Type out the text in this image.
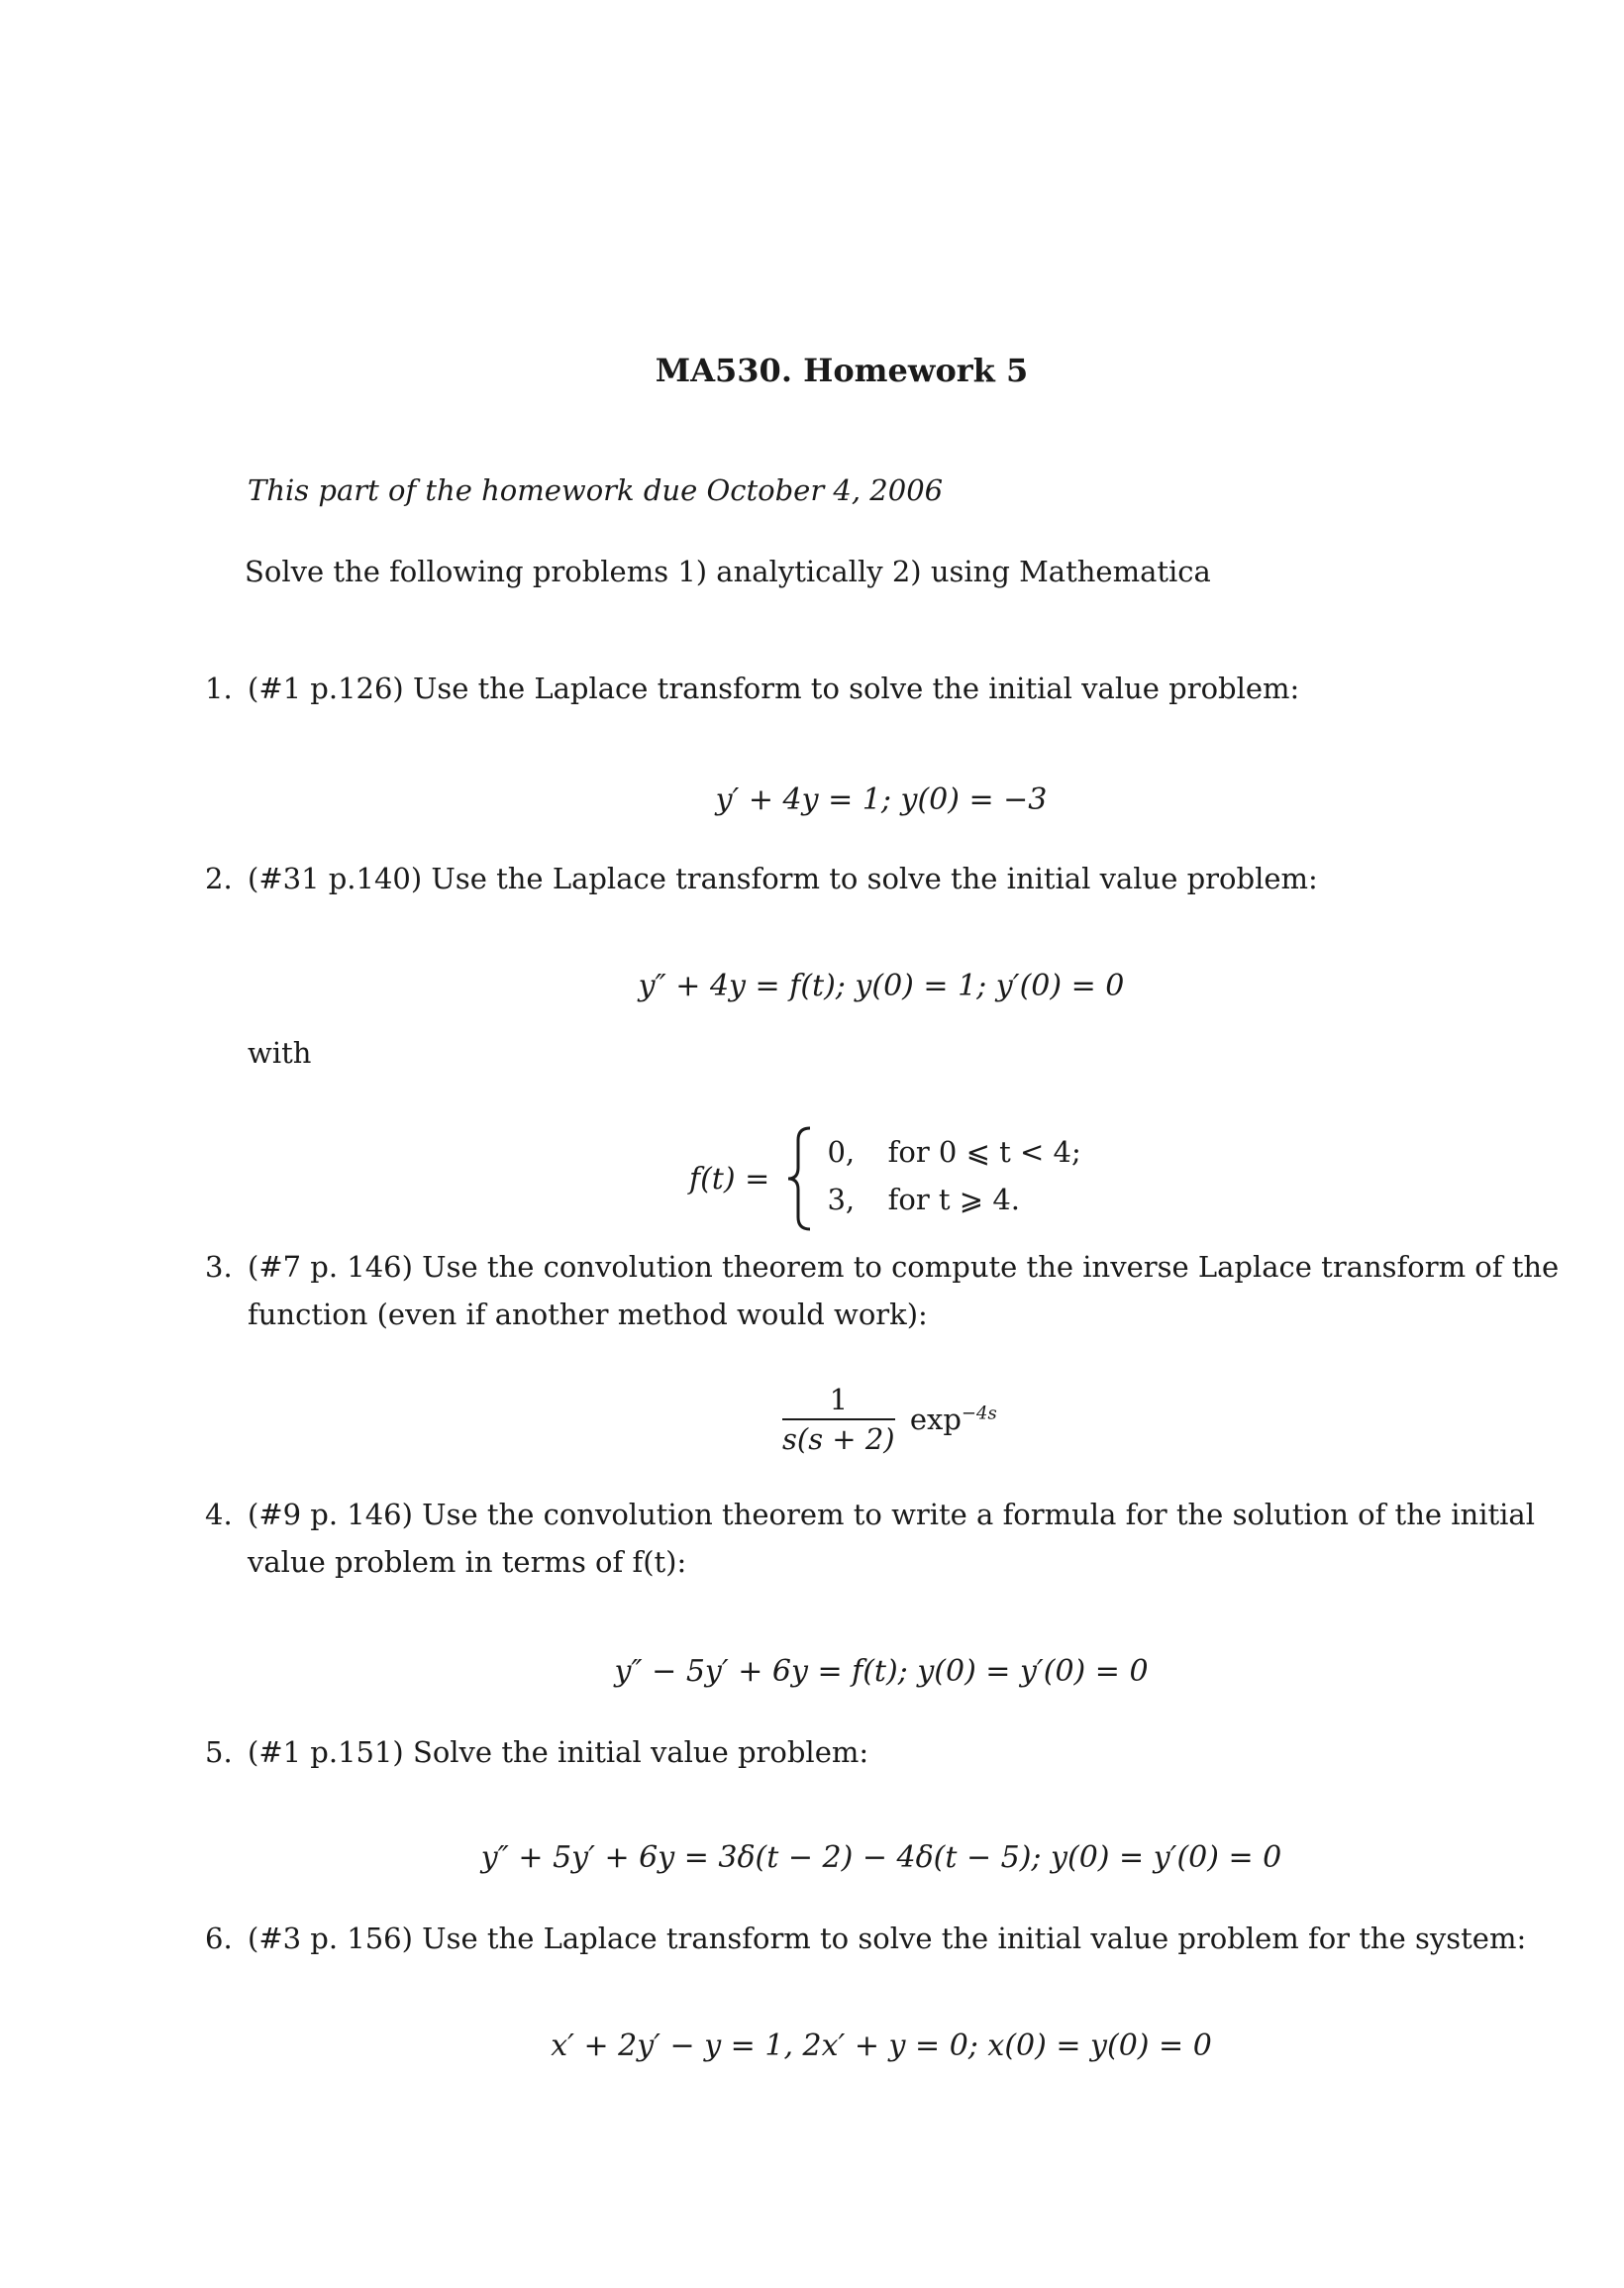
MA530. Homework 5
This part of the homework due October 4, 2006
Solve the following problems 1) analytically 2) using Mathematica
1. (#1 p.126) Use the Laplace transform to solve the initial value problem:
y′ + 4y = 1; y(0) = −3
2. (#31 p.140) Use the Laplace transform to solve the initial value problem:
y″ + 4y = f(t); y(0) = 1; y′(0) = 0
with
f(t) =
0, for 0 ⩽ t < 4;
3, for t ⩾ 4.
3. (#7 p. 146) Use the convolution theorem to compute the inverse Laplace transform of the
function (even if another method would work):
$\frac{1}{s(s + 2)} \exp^{-4s}$
4. (#9 p. 146) Use the convolution theorem to write a formula for the solution of the initial
value problem in terms of f(t):
y″ − 5y′ + 6y = f(t); y(0) = y′(0) = 0
5. (#1 p.151) Solve the initial value problem:
y″ + 5y′ + 6y = 3δ(t − 2) − 4δ(t − 5); y(0) = y′(0) = 0
6. (#3 p. 156) Use the Laplace transform to solve the initial value problem for the system:
x′ + 2y′ − y = 1, 2x′ + y = 0; x(0) = y(0) = 0
